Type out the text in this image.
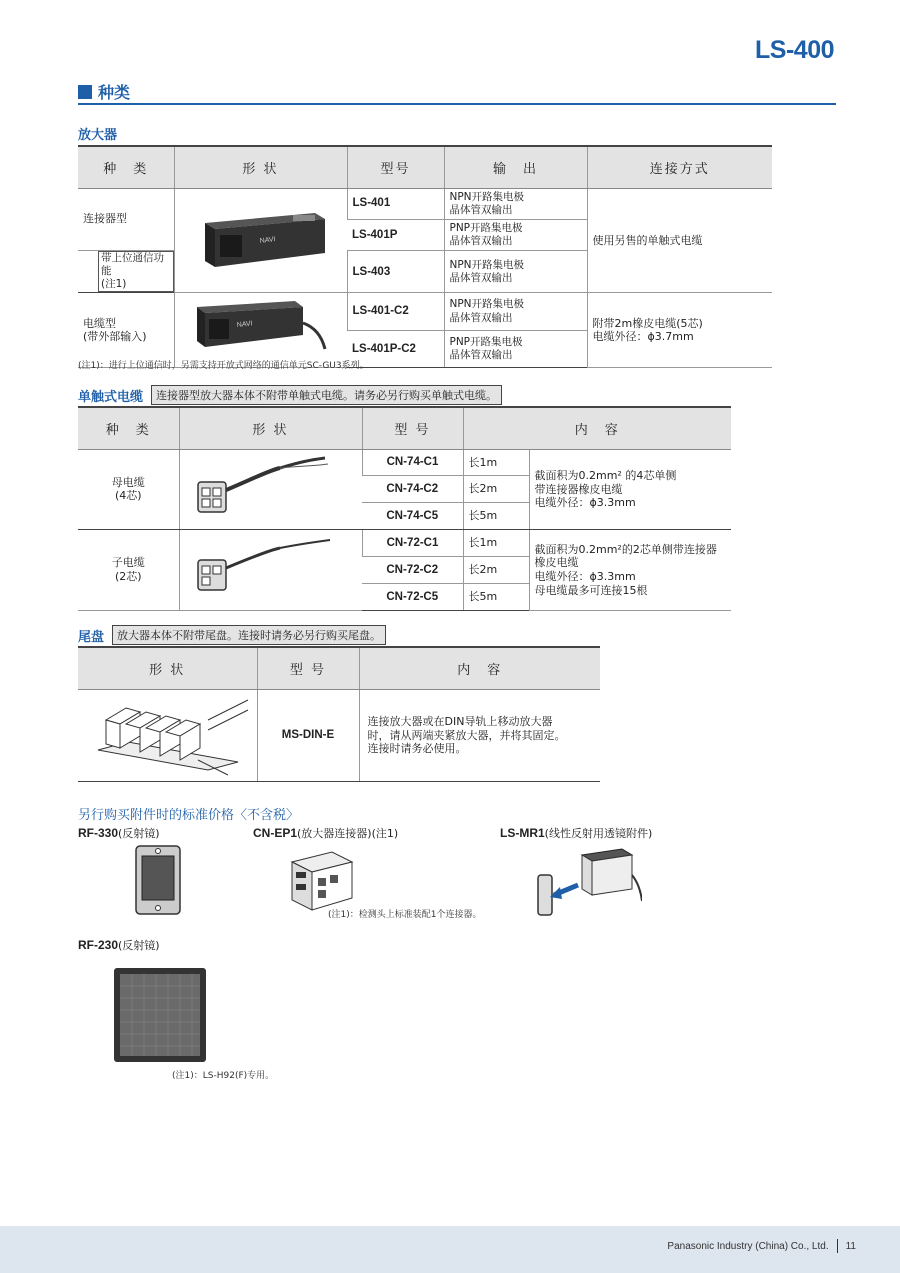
LS-400
种类
放大器
种　类	形 状	型号	输　出	连接方式
连接器型	NAVI	LS-401	NPN开路集电极
晶体管双输出	使用另售的单触式电缆
		LS-401P	PNP开路集电极
晶体管双输出	
带上位通信功能
(注1)		LS-403	NPN开路集电极
晶体管双输出	
电缆型
(带外部输入)	NAVI	LS-401-C2	NPN开路集电极
晶体管双输出	附带2m橡皮电缆(5芯)
电缆外径：ϕ3.7mm
		LS-401P-C2	PNP开路集电极
晶体管双输出	
(注1)：进行上位通信时，另需支持开放式网络的通信单元SC-GU3系列。
单触式电缆	连接器型放大器本体不附带单触式电缆。请务必另行购买单触式电缆。
种　类	形 状	型 号	内　容	
母电缆
(4芯)		CN-74-C1	长1m	截面积为0.2mm² 的4芯单侧
带连接器橡皮电缆
电缆外径：ϕ3.3mm
		CN-74-C2	长2m	
		CN-74-C5	长5m	
子电缆
(2芯)		CN-72-C1	长1m	截面积为0.2mm²的2芯单侧带连接器
橡皮电缆
电缆外径：ϕ3.3mm
母电缆最多可连接15根
		CN-72-C2	长2m	
		CN-72-C5	长5m	
尾盘	放大器本体不附带尾盘。连接时请务必另行购买尾盘。
形 状	型 号	内　容
	MS-DIN-E	连接放大器或在DIN导轨上移动放大器
时，请从两端夹紧放大器，并将其固定。
连接时请务必使用。
另行购买附件时的标准价格〈不含税〉
RF-330(反射镜)	CN-EP1(放大器连接器)(注1)
(注1)：检测头上标准装配1个连接器。
LS-MR1(线性反射用透镜附件)
RF-230(反射镜)
(注1)：LS-H92(F)专用。
Panasonic Industry (China) Co., Ltd. 11
